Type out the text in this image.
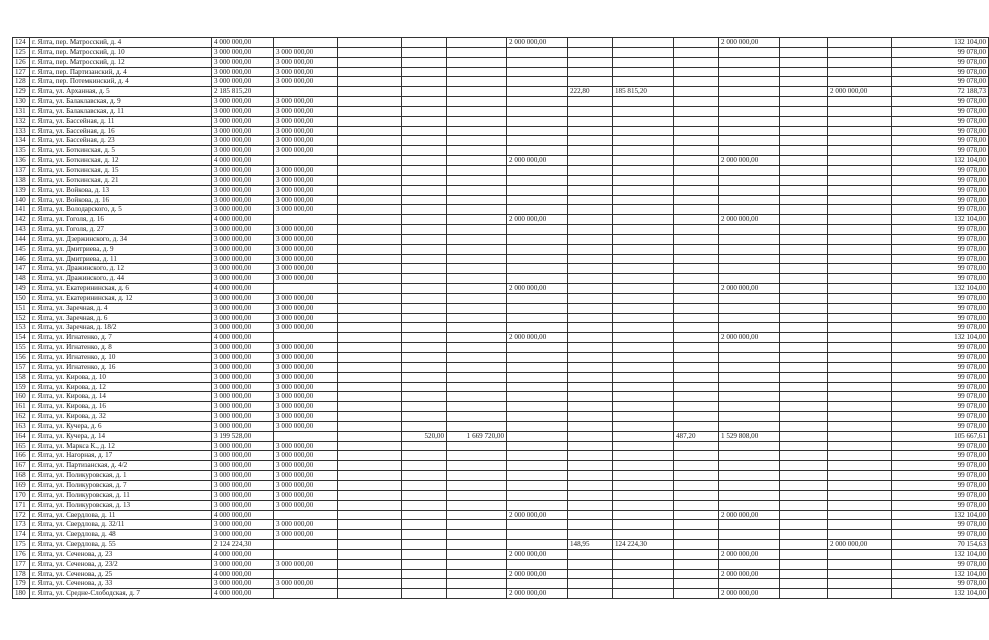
124	г. Ялта, пер. Матросский, д. 4	4 000 000,00					2 000 000,00				2 000 000,00			132 104,00
125	г. Ялта, пер. Матросский, д. 10	3 000 000,00	3 000 000,00											99 078,00
126	г. Ялта, пер. Матросский, д. 12	3 000 000,00	3 000 000,00											99 078,00
127	г. Ялта, пер. Партизанский, д. 4	3 000 000,00	3 000 000,00											99 078,00
128	г. Ялта, пер. Потемкинский, д. 4	3 000 000,00	3 000 000,00											99 078,00
129	г. Ялта, ул. Арханная, д. 5	2 185 815,20						222,80	185 815,20				2 000 000,00	72 188,73
130	г. Ялта, ул. Балаклавская, д. 9	3 000 000,00	3 000 000,00											99 078,00
131	г. Ялта, ул. Балаклавская, д. 11	3 000 000,00	3 000 000,00											99 078,00
132	г. Ялта, ул. Бассейная, д. 11	3 000 000,00	3 000 000,00											99 078,00
133	г. Ялта, ул. Бассейная, д. 16	3 000 000,00	3 000 000,00											99 078,00
134	г. Ялта, ул. Бассейная, д. 23	3 000 000,00	3 000 000,00											99 078,00
135	г. Ялта, ул. Боткинская, д. 5	3 000 000,00	3 000 000,00											99 078,00
136	г. Ялта, ул. Боткинская, д. 12	4 000 000,00					2 000 000,00				2 000 000,00			132 104,00
137	г. Ялта, ул. Боткинская, д. 15	3 000 000,00	3 000 000,00											99 078,00
138	г. Ялта, ул. Боткинская, д. 21	3 000 000,00	3 000 000,00											99 078,00
139	г. Ялта, ул. Войкова, д. 13	3 000 000,00	3 000 000,00											99 078,00
140	г. Ялта, ул. Войкова, д. 16	3 000 000,00	3 000 000,00											99 078,00
141	г. Ялта, ул. Володарского, д. 5	3 000 000,00	3 000 000,00											99 078,00
142	г. Ялта, ул. Гоголя, д. 16	4 000 000,00					2 000 000,00				2 000 000,00			132 104,00
143	г. Ялта, ул. Гоголя, д. 27	3 000 000,00	3 000 000,00											99 078,00
144	г. Ялта, ул. Дзержинского, д. 34	3 000 000,00	3 000 000,00											99 078,00
145	г. Ялта, ул. Дмитриева, д. 9	3 000 000,00	3 000 000,00											99 078,00
146	г. Ялта, ул. Дмитриева, д. 11	3 000 000,00	3 000 000,00											99 078,00
147	г. Ялта, ул. Дражинского, д. 12	3 000 000,00	3 000 000,00											99 078,00
148	г. Ялта, ул. Дражинского, д. 44	3 000 000,00	3 000 000,00											99 078,00
149	г. Ялта, ул. Екатерининская, д. 6	4 000 000,00					2 000 000,00				2 000 000,00			132 104,00
150	г. Ялта, ул. Екатерининская, д. 12	3 000 000,00	3 000 000,00											99 078,00
151	г. Ялта, ул. Заречная, д. 4	3 000 000,00	3 000 000,00											99 078,00
152	г. Ялта, ул. Заречная, д. 6	3 000 000,00	3 000 000,00											99 078,00
153	г. Ялта, ул. Заречная, д. 18/2	3 000 000,00	3 000 000,00											99 078,00
154	г. Ялта, ул. Игнатенко, д. 7	4 000 000,00					2 000 000,00				2 000 000,00			132 104,00
155	г. Ялта, ул. Игнатенко, д. 8	3 000 000,00	3 000 000,00											99 078,00
156	г. Ялта, ул. Игнатенко, д. 10	3 000 000,00	3 000 000,00											99 078,00
157	г. Ялта, ул. Игнатенко, д. 16	3 000 000,00	3 000 000,00											99 078,00
158	г. Ялта, ул. Кирова, д. 10	3 000 000,00	3 000 000,00											99 078,00
159	г. Ялта, ул. Кирова, д. 12	3 000 000,00	3 000 000,00											99 078,00
160	г. Ялта, ул. Кирова, д. 14	3 000 000,00	3 000 000,00											99 078,00
161	г. Ялта, ул. Кирова, д. 16	3 000 000,00	3 000 000,00											99 078,00
162	г. Ялта, ул. Кирова, д. 32	3 000 000,00	3 000 000,00											99 078,00
163	г. Ялта, ул. Кучера, д. 6	3 000 000,00	3 000 000,00											99 078,00
164	г. Ялта, ул. Кучера, д. 14	3 199 528,00			520,00	1 669 720,00				487,20	1 529 808,00			105 667,61
165	г. Ялта, ул. Маркса К., д. 12	3 000 000,00	3 000 000,00											99 078,00
166	г. Ялта, ул. Нагорная, д. 17	3 000 000,00	3 000 000,00											99 078,00
167	г. Ялта, ул. Партизанская, д. 4/2	3 000 000,00	3 000 000,00											99 078,00
168	г. Ялта, ул. Поликуровская, д. 1	3 000 000,00	3 000 000,00											99 078,00
169	г. Ялта, ул. Поликуровская, д. 7	3 000 000,00	3 000 000,00											99 078,00
170	г. Ялта, ул. Поликуровская, д. 11	3 000 000,00	3 000 000,00											99 078,00
171	г. Ялта, ул. Поликуровская, д. 13	3 000 000,00	3 000 000,00											99 078,00
172	г. Ялта, ул. Свердлова, д. 11	4 000 000,00					2 000 000,00				2 000 000,00			132 104,00
173	г. Ялта, ул. Свердлова, д. 32/11	3 000 000,00	3 000 000,00											99 078,00
174	г. Ялта, ул. Свердлова, д. 48	3 000 000,00	3 000 000,00											99 078,00
175	г. Ялта, ул. Свердлова, д. 55	2 124 224,30						148,95	124 224,30				2 000 000,00	70 154,63
176	г. Ялта, ул. Сеченова, д. 23	4 000 000,00					2 000 000,00				2 000 000,00			132 104,00
177	г. Ялта, ул. Сеченова, д. 23/2	3 000 000,00	3 000 000,00											99 078,00
178	г. Ялта, ул. Сеченова, д. 25	4 000 000,00					2 000 000,00				2 000 000,00			132 104,00
179	г. Ялта, ул. Сеченова, д. 33	3 000 000,00	3 000 000,00											99 078,00
180	г. Ялта, ул. Средне-Слободская, д. 7	4 000 000,00					2 000 000,00				2 000 000,00			132 104,00
